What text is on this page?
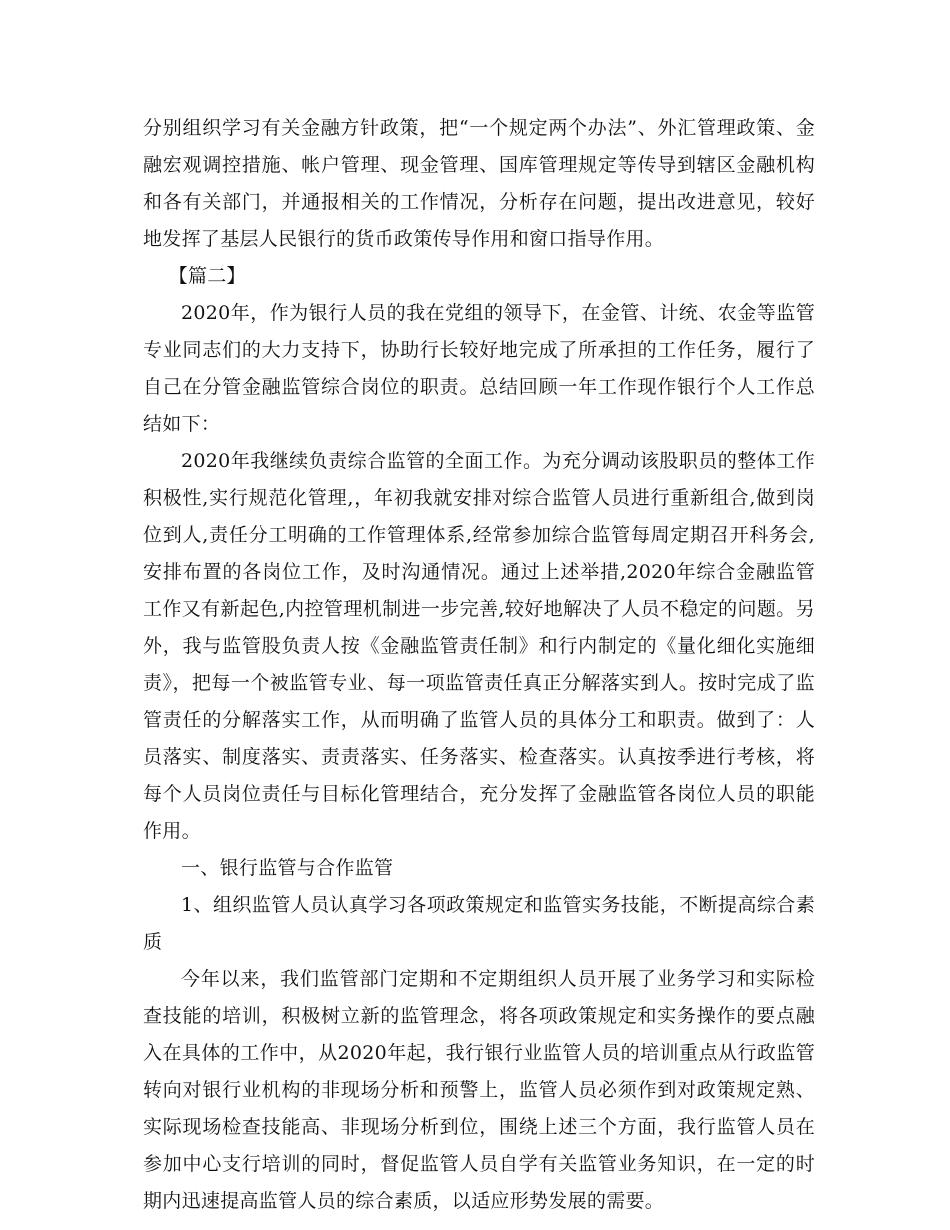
分别组织学习有关金融方针政策，把“一个规定两个办法”、外汇管理政策、金融宏观调控措施、帐户管理、现金管理、国库管理规定等传导到辖区金融机构和各有关部门，并通报相关的工作情况，分析存在问题，提出改进意见，较好地发挥了基层人民银行的货币政策传导作用和窗口指导作用。

【篇二】

2020年，作为银行人员的我在党组的领导下，在金管、计统、农金等监管专业同志们的大力支持下，协助行长较好地完成了所承担的工作任务，履行了自己在分管金融监管综合岗位的职责。总结回顾一年工作现作银行个人工作总结如下：

2020年我继续负责综合监管的全面工作。为充分调动该股职员的整体工作积极性,实行规范化管理,，年初我就安排对综合监管人员进行重新组合,做到岗位到人,责任分工明确的工作管理体系,经常参加综合监管每周定期召开科务会,安排布置的各岗位工作，及时沟通情况。通过上述举措,2020年综合金融监管工作又有新起色,内控管理机制进一步完善,较好地解决了人员不稳定的问题。另外，我与监管股负责人按《金融监管责任制》和行内制定的《量化细化实施细责》，把每一个被监管专业、每一项监管责任真正分解落实到人。按时完成了监管责任的分解落实工作，从而明确了监管人员的具体分工和职责。做到了：人员落实、制度落实、责责落实、任务落实、检查落实。认真按季进行考核，将每个人员岗位责任与目标化管理结合，充分发挥了金融监管各岗位人员的职能作用。

一、银行监管与合作监管

1、组织监管人员认真学习各项政策规定和监管实务技能，不断提高综合素质

今年以来，我们监管部门定期和不定期组织人员开展了业务学习和实际检查技能的培训，积极树立新的监管理念，将各项政策规定和实务操作的要点融入在具体的工作中，从2020年起，我行银行业监管人员的培训重点从行政监管转向对银行业机构的非现场分析和预警上，监管人员必须作到对政策规定熟、实际现场检查技能高、非现场分析到位，围绕上述三个方面，我行监管人员在参加中心支行培训的同时，督促监管人员自学有关监管业务知识，在一定的时期内迅速提高监管人员的综合素质，以适应形势发展的需要。
